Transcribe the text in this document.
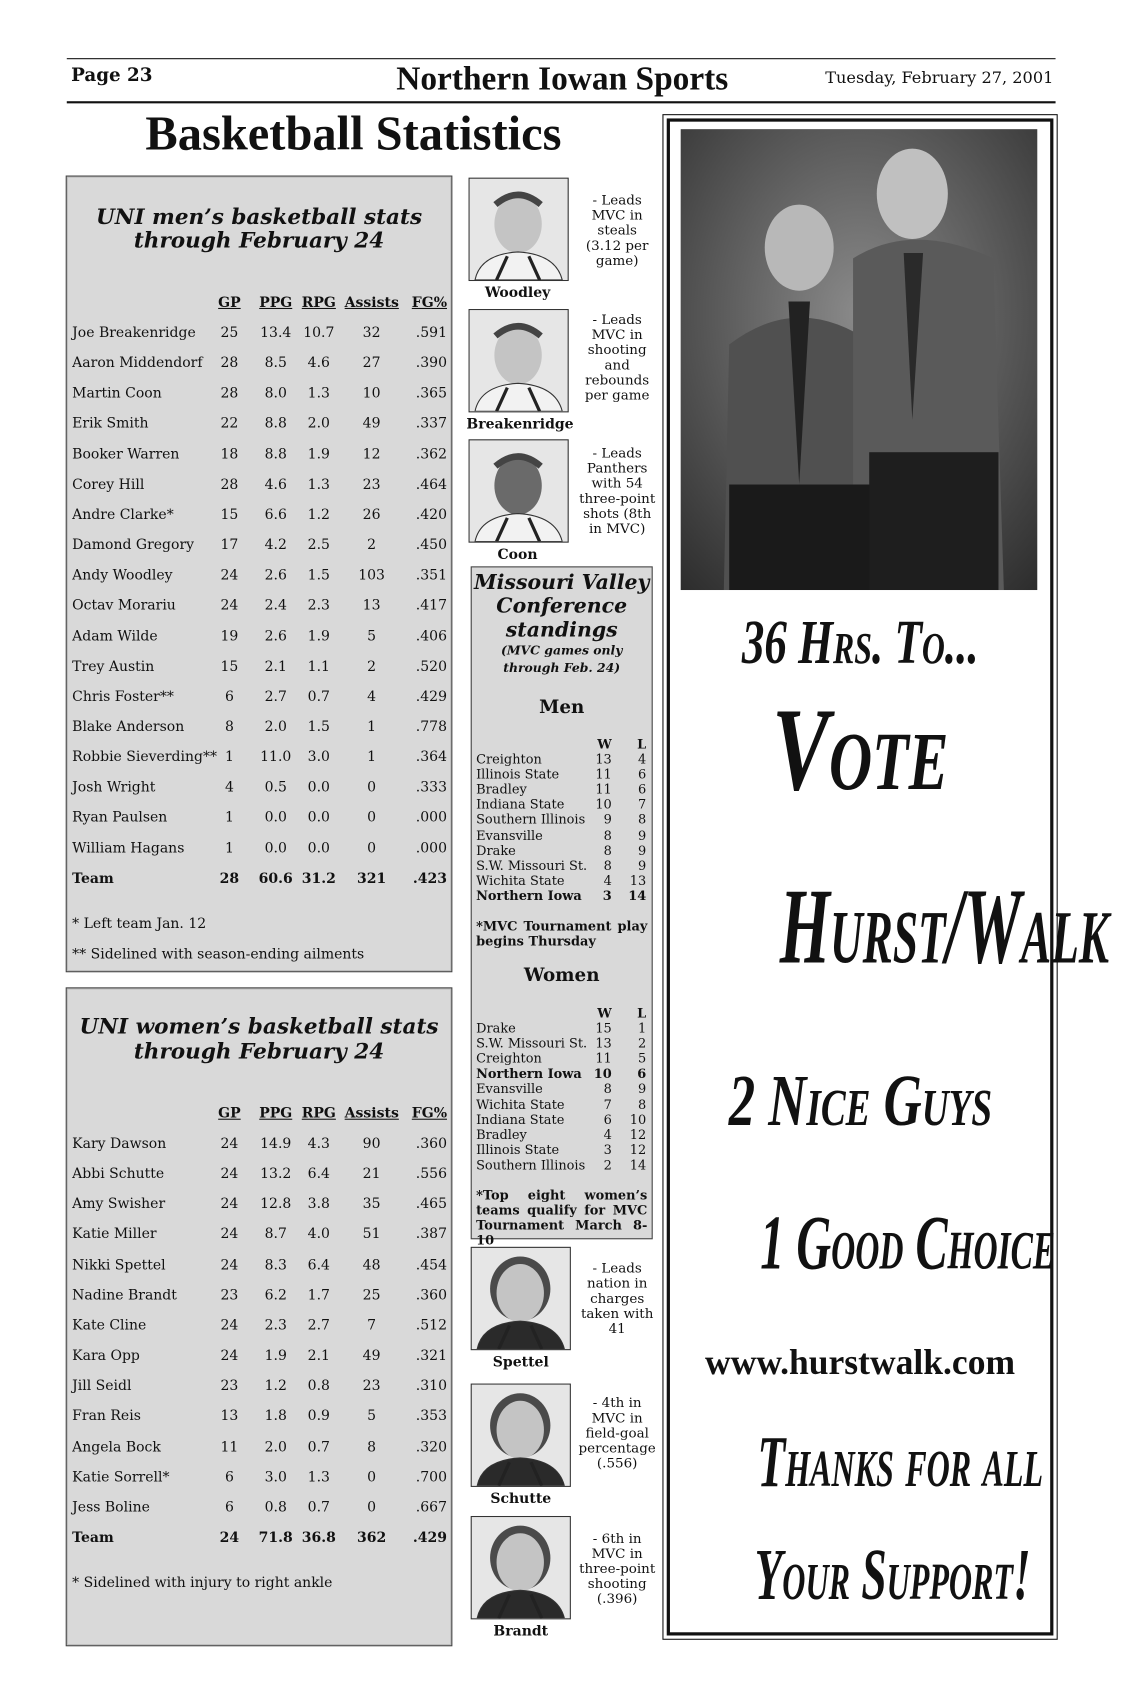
Page 23	Northern Iowan Sports	Tuesday, February 27, 2001
Basketball Statistics
UNI men’s basketball stats
through February 24
GP PPG RPG Assists FG%
Joe Breakenridge 25 13.4 10.7	32	.591
Aaron Middendorf 28	8.5	4.6	27	.390
Martin Coon	28	8.0	1.3	10	.365
Erik Smith	22	8.8	2.0	49	.337
Booker Warren	18	8.8	1.9	12	.362
Corey Hill	28	4.6	1.3	23	.464
Andre Clarke*	15	6.6	1.2	26	.420
Damond Gregory 17	4.2	2.5	2	.450
Andy Woodley	24	2.6	1.5	103	.351
Octav Morariu	24	2.4	2.3	13	.417
Adam Wilde	19	2.6	1.9	5	.406
Trey Austin	15	2.1	1.1	2	.520
Chris Foster**	6	2.7	0.7	4	.429
Blake Anderson	8	2.0	1.5	1	.778
Robbie Sieverding** 1	11.0	3.0	1	.364
Josh Wright	4	0.5	0.0	0	.333
Ryan Paulsen	1	0.0	0.0	0	.000
William Hagans	1	0.0	0.0	0	.000
Team	28 60.6 31.2	321	.423
* Left team Jan. 12
** Sidelined with season-ending ailments
UNI women’s basketball stats
through February 24
GP PPG RPG Assists FG%
Kary Dawson	24 14.9	4.3	90	.360
Abbi Schutte	24 13.2	6.4	21	.556
Amy Swisher	24 12.8	3.8	35	.465
Katie Miller	24	8.7	4.0	51	.387
Nikki Spettel	24	8.3	6.4	48	.454
Nadine Brandt	23	6.2	1.7	25	.360
Kate Cline	24	2.3	2.7	7	.512
Kara Opp	24	1.9	2.1	49	.321
Jill Seidl	23	1.2	0.8	23	.310
Fran Reis	13	1.8	0.9	5	.353
Angela Bock	11	2.0	0.7	8	.320
Katie Sorrell*	6	3.0	1.3	0	.700
Jess Boline	6	0.8	0.7	0	.667
Team	24 71.8 36.8	362	.429
* Sidelined with injury to right ankle
Woodley
- Leads MVC in steals (3.12 per game)
Breakenridge
- Leads MVC in shooting and rebounds per game
Coon
- Leads Panthers with 54 three-point shots (8th in MVC)
Spettel
- Leads nation in charges taken with 41
Schutte
- 4th in MVC in field-goal percentage (.556)
Brandt
- 6th in MVC in three-point shooting (.396)
Missouri Valley
Conference
standings
(MVC games only
through Feb. 24)
Men
W	L
Creighton	13	4
Illinois State	11	6
Bradley	11	6
Indiana State	10	7
Southern Illinois	9	8
Evansville	8	9
Drake	8	9
S.W. Missouri St.	8	9
Wichita State	4	13
Northern Iowa	3	14
*MVC Tournament play begins Thursday
Women
W	L
Drake	15	1
S.W. Missouri St. 13	2
Creighton	11	5
Northern Iowa 10	6
Evansville	8	9
Wichita State	7	8
Indiana State	6	10
Bradley	4	12
Illinois State	3	12
Southern Illinois	2	14
*Top eight women’s teams qualify for MVC Tournament March 8-10
36 Hrs. To...
Vote
Hurst/Walk
2 Nice Guys
1 Good Choice
www.hurstwalk.com
Thanks for all
Your Support!
